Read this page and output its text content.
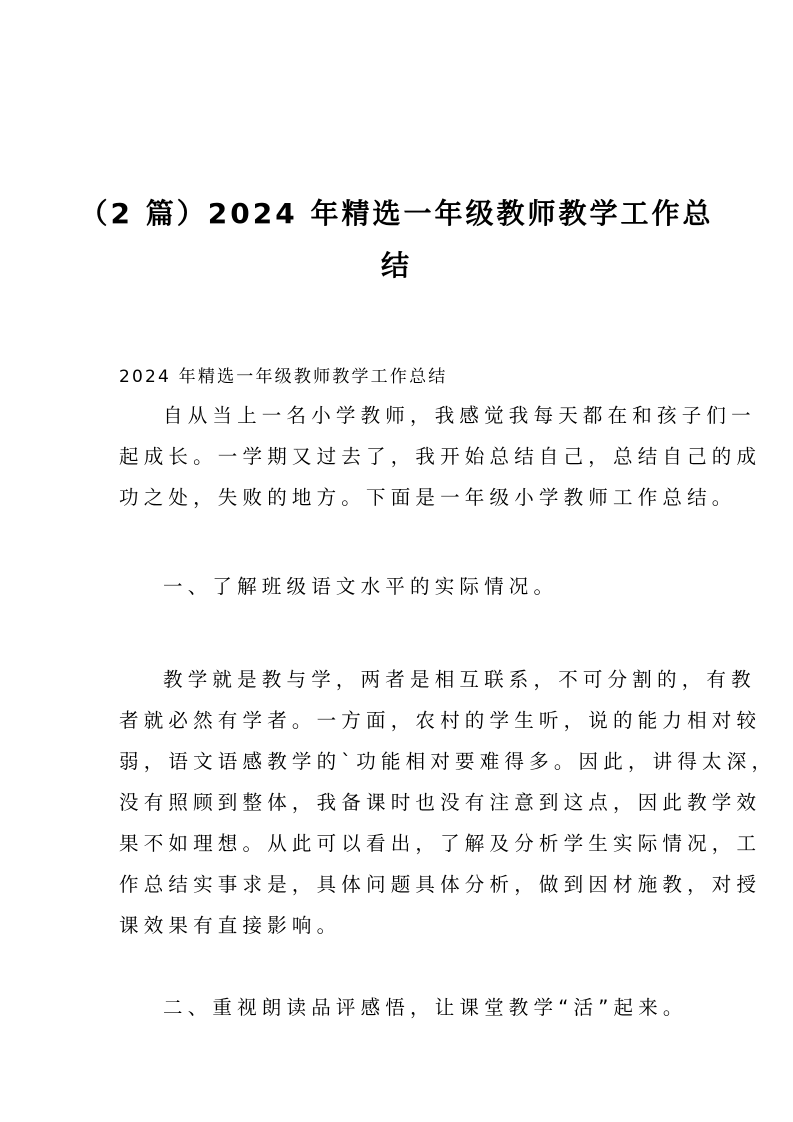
（2 篇）2024 年精选一年级教师教学工作总
结
2024 年精选一年级教师教学工作总结
自从当上一名小学教师，我感觉我每天都在和孩子们一
起成长。一学期又过去了，我开始总结自己，总结自己的成
功之处，失败的地方。下面是一年级小学教师工作总结。
一、了解班级语文水平的实际情况。
教学就是教与学，两者是相互联系，不可分割的，有教
者就必然有学者。一方面，农村的学生听，说的能力相对较
弱，语文语感教学的`功能相对要难得多。因此，讲得太深，
没有照顾到整体，我备课时也没有注意到这点，因此教学效
果不如理想。从此可以看出，了解及分析学生实际情况，工
作总结实事求是，具体问题具体分析，做到因材施教，对授
课效果有直接影响。
二、重视朗读品评感悟，让课堂教学“活”起来。
